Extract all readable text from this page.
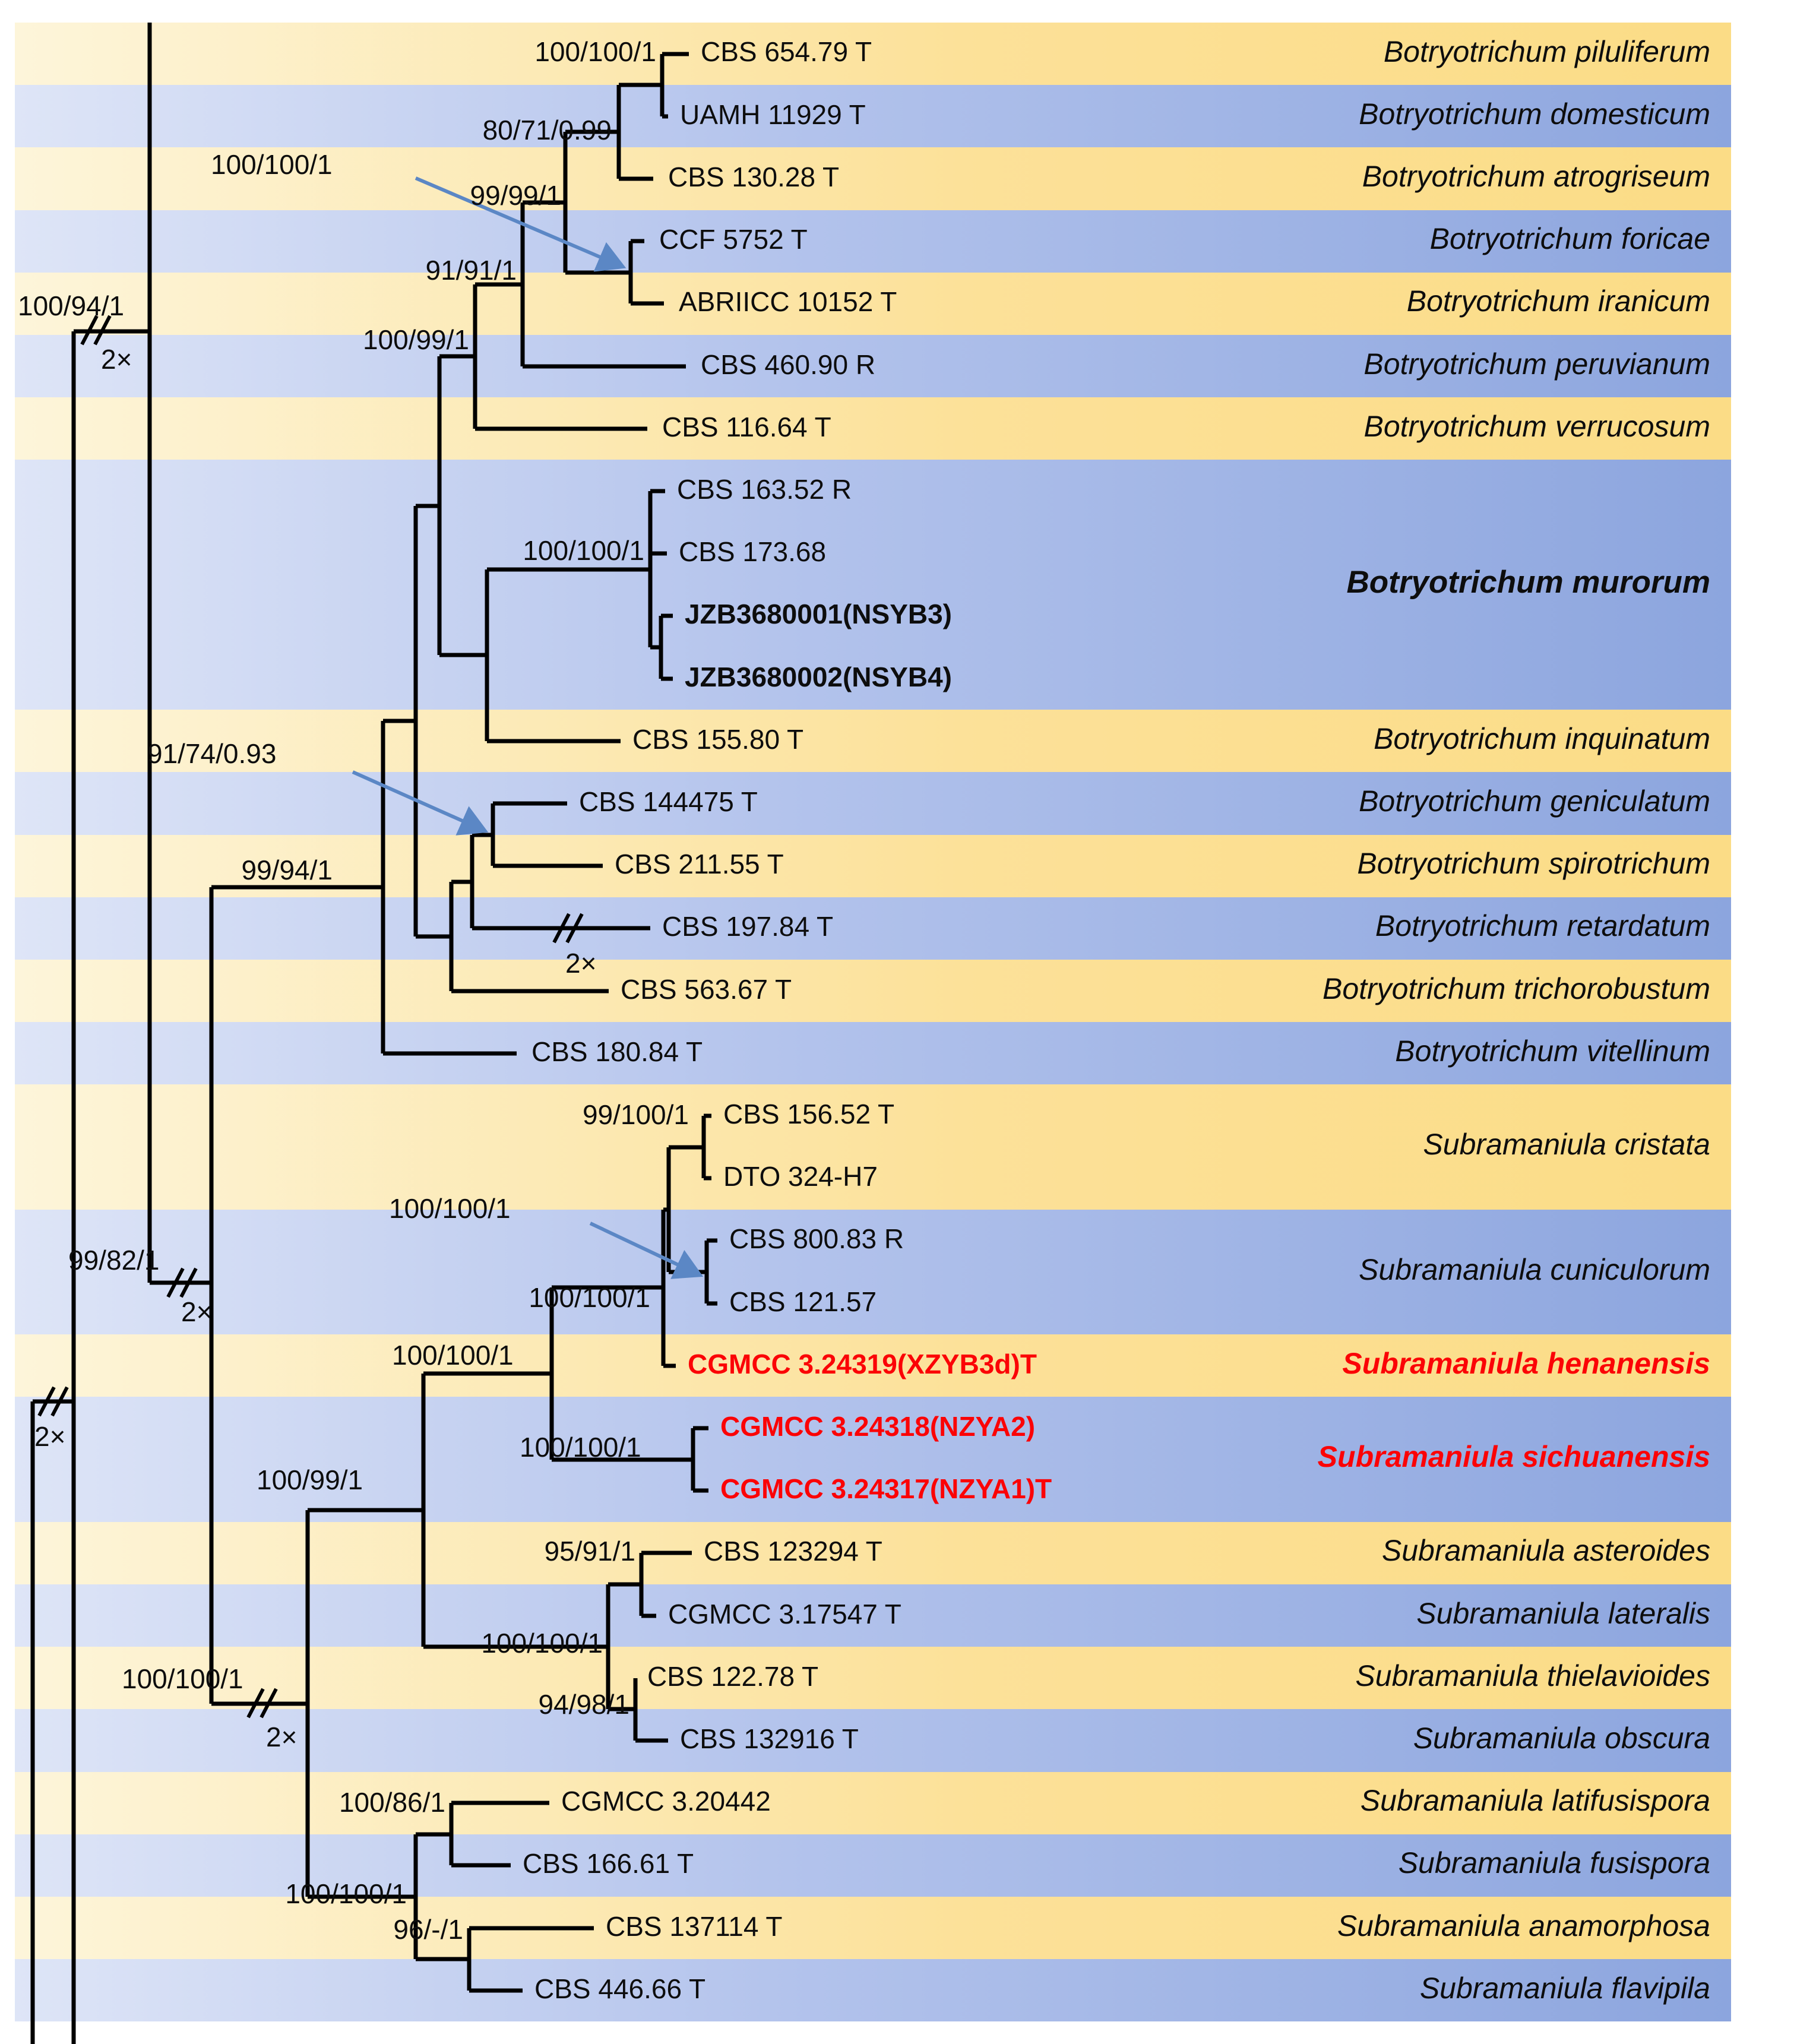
CBS 654.79 T
UAMH 11929 T
CBS 130.28 T
CCF 5752 T
ABRIICC 10152 T
CBS 460.90 R
CBS 116.64 T
CBS 163.52 R
CBS 173.68
JZB3680001(NSYB3)
JZB3680002(NSYB4)
CBS 155.80 T
CBS 144475 T
CBS 211.55 T
CBS 197.84 T
CBS 563.67 T
CBS 180.84 T
CBS 156.52 T
DTO 324-H7
CBS 800.83 R
CBS 121.57
CGMCC 3.24319(XZYB3d)T
CGMCC 3.24318(NZYA2)
CGMCC 3.24317(NZYA1)T
CBS 123294 T
CGMCC 3.17547 T
CBS 122.78 T
CBS 132916 T
CGMCC 3.20442
CBS 166.61 T
CBS 137114 T
CBS 446.66 T
Botryotrichum piluliferum
Botryotrichum domesticum
Botryotrichum atrogriseum
Botryotrichum foricae
Botryotrichum iranicum
Botryotrichum peruvianum
Botryotrichum verrucosum
Botryotrichum murorum
Botryotrichum inquinatum
Botryotrichum geniculatum
Botryotrichum spirotrichum
Botryotrichum retardatum
Botryotrichum trichorobustum
Botryotrichum vitellinum
Subramaniula cristata
Subramaniula cuniculorum
Subramaniula henanensis
Subramaniula sichuanensis
Subramaniula asteroides
Subramaniula lateralis
Subramaniula thielavioides
Subramaniula obscura
Subramaniula latifusispora
Subramaniula fusispora
Subramaniula anamorphosa
Subramaniula flavipila
100/100/1
80/71/0.99
100/100/1
99/99/1
91/91/1
100/99/1
100/100/1
100/94/1
91/74/0.93
99/94/1
99/82/1
99/100/1
100/100/1
100/100/1
100/100/1
100/100/1
100/99/1
95/91/1
100/100/1
94/98/1
100/100/1
100/86/1
100/100/1
96/-/1
2×
2×
2×
2×
2×
